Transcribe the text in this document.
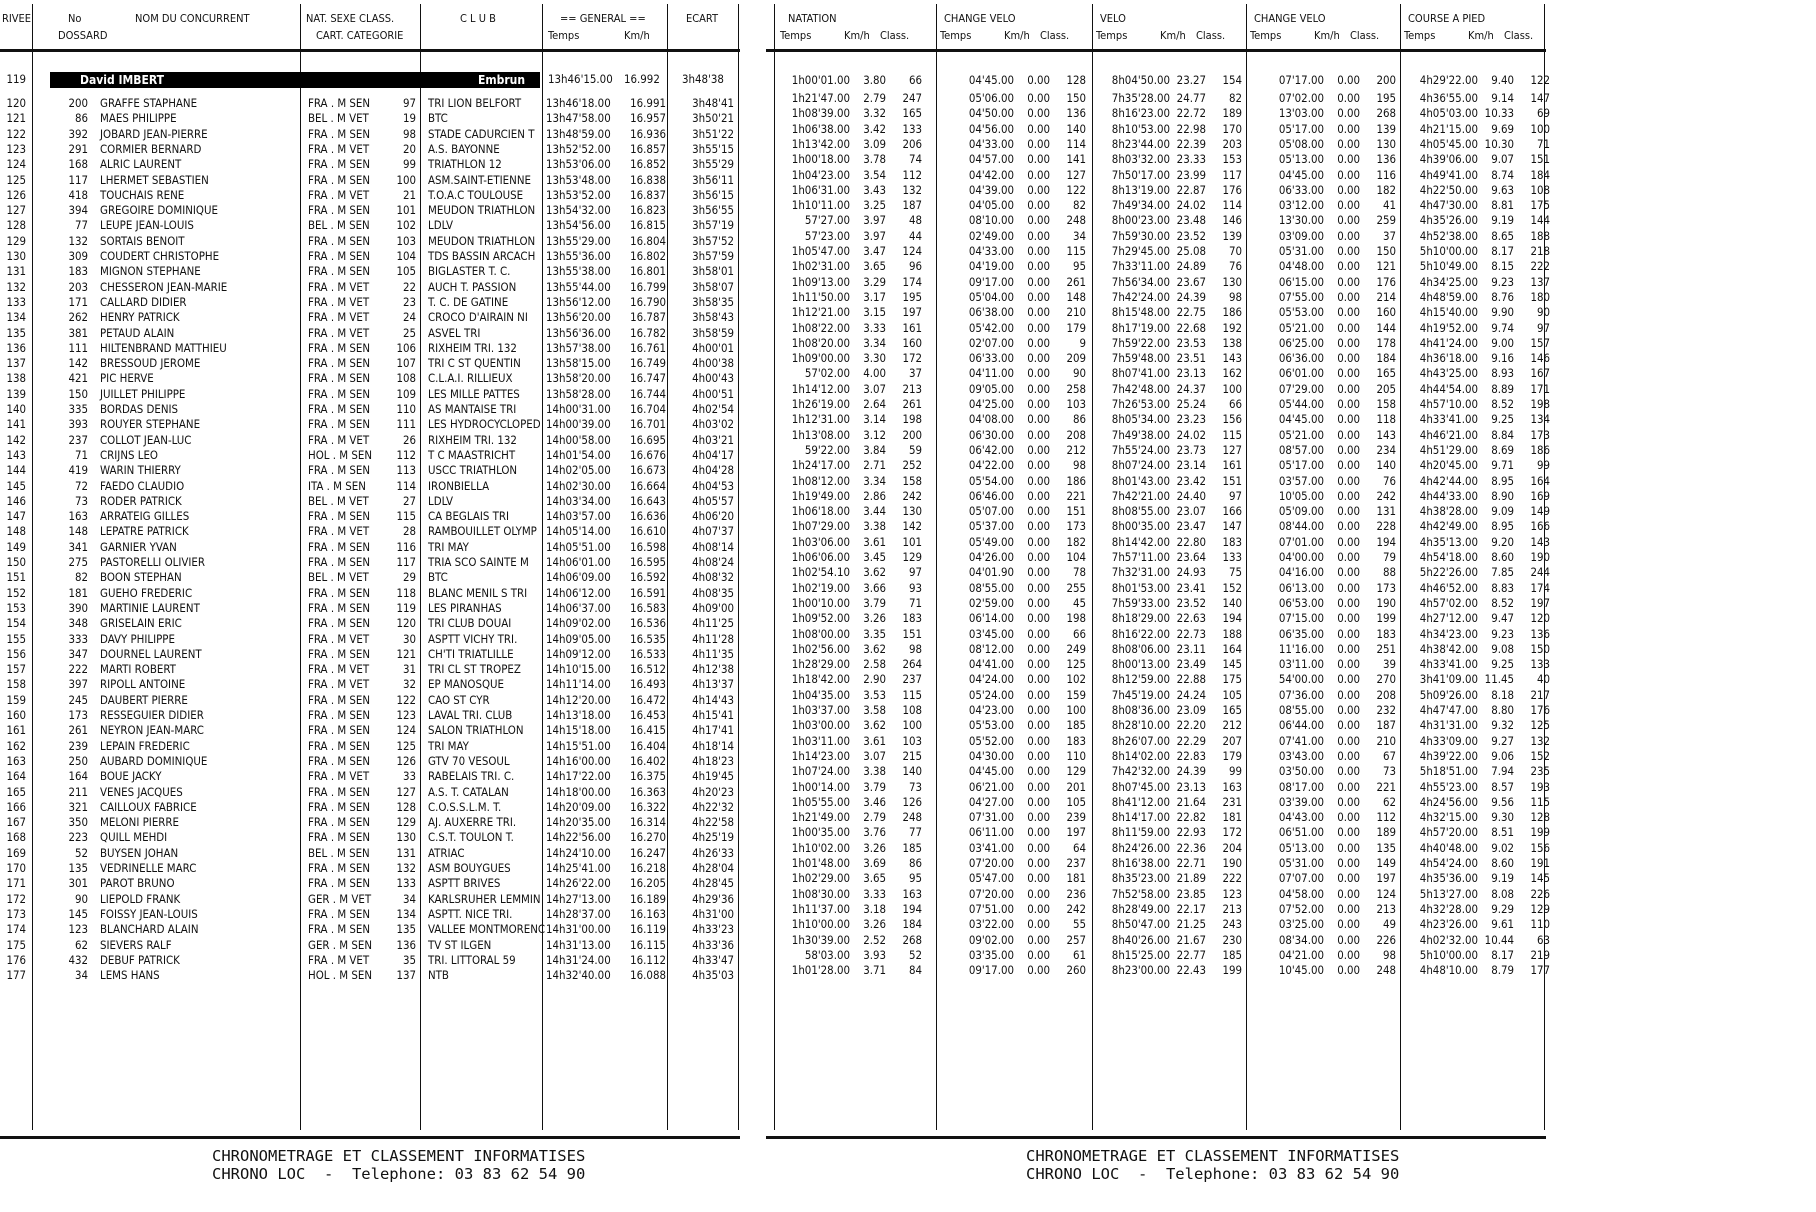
RIVEE	No
DOSSARD
NOM DU CONCURRENT	NAT. SEXE CLASS.
CART. CATEGORIE
C L U B	== GENERAL ==
Temps	Km/h
ECART
119	David IMBERT	Embrun 13h46'15.00 16.992 3h48'38
120	200 GRAFFE STAPHANE	FRA . M SEN	97 TRI LION BELFORT	13h46'18.00	16.991	3h48'41
121	86 MAES PHILIPPE	BEL . M VET	19 BTC	13h47'58.00	16.957	3h50'21
122	392 JOBARD JEAN-PIERRE	FRA . M SEN	98 STADE CADURCIEN T	13h48'59.00	16.936	3h51'22
123	291 CORMIER BERNARD	FRA . M VET	20 A.S. BAYONNE	13h52'52.00	16.857	3h55'15
124	168 ALRIC LAURENT	FRA . M SEN	99 TRIATHLON 12	13h53'06.00	16.852	3h55'29
125	117 LHERMET SEBASTIEN	FRA . M SEN	100 ASM.SAINT-ETIENNE	13h53'48.00	16.838	3h56'11
126	418 TOUCHAIS RENE	FRA . M VET	21 T.O.A.C TOULOUSE	13h53'52.00	16.837	3h56'15
127	394 GREGOIRE DOMINIQUE	FRA . M SEN	101 MEUDON TRIATHLON 13h54'32.00	16.823	3h56'55
128	77 LEUPE JEAN-LOUIS	BEL . M SEN	102 LDLV	13h54'56.00	16.815	3h57'19
129	132 SORTAIS BENOIT	FRA . M SEN	103 MEUDON TRIATHLON 13h55'29.00	16.804	3h57'52
130	309 COUDERT CHRISTOPHE	FRA . M SEN	104 TDS BASSIN ARCACH 13h55'36.00	16.802	3h57'59
131	183 MIGNON STEPHANE	FRA . M SEN	105 BIGLASTER T. C.	13h55'38.00	16.801	3h58'01
132	203 CHESSERON JEAN-MARIE	FRA . M VET	22 AUCH T. PASSION	13h55'44.00	16.799	3h58'07
133	171 CALLARD DIDIER	FRA . M VET	23 T. C. DE GATINE	13h56'12.00	16.790	3h58'35
134	262 HENRY PATRICK	FRA . M VET	24 CROCO D'AIRAIN NI	13h56'20.00	16.787	3h58'43
135	381 PETAUD ALAIN	FRA . M VET	25 ASVEL TRI	13h56'36.00	16.782	3h58'59
136	111 HILTENBRAND MATTHIEU	FRA . M SEN	106 RIXHEIM TRI. 132	13h57'38.00	16.761	4h00'01
137	142 BRESSOUD JEROME	FRA . M SEN	107 TRI C ST QUENTIN	13h58'15.00	16.749	4h00'38
138	421 PIC HERVE	FRA . M SEN	108 C.L.A.I. RILLIEUX	13h58'20.00	16.747	4h00'43
139	150 JUILLET PHILIPPE	FRA . M SEN	109 LES MILLE PATTES	13h58'28.00	16.744	4h00'51
140	335 BORDAS DENIS	FRA . M SEN	110 AS MANTAISE TRI	14h00'31.00	16.704	4h02'54
141	393 ROUYER STEPHANE	FRA . M SEN	111 LES HYDROCYCLOPED 14h00'39.00	16.701	4h03'02
142	237 COLLOT JEAN-LUC	FRA . M VET	26 RIXHEIM TRI. 132	14h00'58.00	16.695	4h03'21
143	71 CRIJNS LEO	HOL . M SEN	112 T C MAASTRICHT	14h01'54.00	16.676	4h04'17
144	419 WARIN THIERRY	FRA . M SEN	113 USCC TRIATHLON	14h02'05.00	16.673	4h04'28
145	72 FAEDO CLAUDIO	ITA . M SEN	114 IRONBIELLA	14h02'30.00	16.664	4h04'53
146	73 RODER PATRICK	BEL . M VET	27 LDLV	14h03'34.00	16.643	4h05'57
147	163 ARRATEIG GILLES	FRA . M SEN	115 CA BEGLAIS TRI	14h03'57.00	16.636	4h06'20
148	148 LEPATRE PATRICK	FRA . M VET	28 RAMBOUILLET OLYMP 14h05'14.00	16.610	4h07'37
149	341 GARNIER YVAN	FRA . M SEN	116 TRI MAY	14h05'51.00	16.598	4h08'14
150	275 PASTORELLI OLIVIER	FRA . M SEN	117 TRIA SCO SAINTE M	14h06'01.00	16.595	4h08'24
151	82 BOON STEPHAN	BEL . M VET	29 BTC	14h06'09.00	16.592	4h08'32
152	181 GUEHO FREDERIC	FRA . M SEN	118 BLANC MENIL S TRI	14h06'12.00	16.591	4h08'35
153	390 MARTINIE LAURENT	FRA . M SEN	119 LES PIRANHAS	14h06'37.00	16.583	4h09'00
154	348 GRISELAIN ERIC	FRA . M SEN	120 TRI CLUB DOUAI	14h09'02.00	16.536	4h11'25
155	333 DAVY PHILIPPE	FRA . M VET	30 ASPTT VICHY TRI.	14h09'05.00	16.535	4h11'28
156	347 DOURNEL LAURENT	FRA . M SEN	121 CH'TI TRIATLILLE	14h09'12.00	16.533	4h11'35
157	222 MARTI ROBERT	FRA . M VET	31 TRI CL ST TROPEZ	14h10'15.00	16.512	4h12'38
158	397 RIPOLL ANTOINE	FRA . M VET	32 EP MANOSQUE	14h11'14.00	16.493	4h13'37
159	245 DAUBERT PIERRE	FRA . M SEN	122 CAO ST CYR	14h12'20.00	16.472	4h14'43
160	173 RESSEGUIER DIDIER	FRA . M SEN	123 LAVAL TRI. CLUB	14h13'18.00	16.453	4h15'41
161	261 NEYRON JEAN-MARC	FRA . M SEN	124 SALON TRIATHLON	14h15'18.00	16.415	4h17'41
162	239 LEPAIN FREDERIC	FRA . M SEN	125 TRI MAY	14h15'51.00	16.404	4h18'14
163	250 AUBARD DOMINIQUE	FRA . M SEN	126 GTV 70 VESOUL	14h16'00.00	16.402	4h18'23
164	164 BOUE JACKY	FRA . M VET	33 RABELAIS TRI. C.	14h17'22.00	16.375	4h19'45
165	211 VENES JACQUES	FRA . M SEN	127 A.S. T. CATALAN	14h18'00.00	16.363	4h20'23
166	321 CAILLOUX FABRICE	FRA . M SEN	128 C.O.S.S.L.M. T.	14h20'09.00	16.322	4h22'32
167	350 MELONI PIERRE	FRA . M SEN	129 AJ. AUXERRE TRI.	14h20'35.00	16.314	4h22'58
168	223 QUILL MEHDI	FRA . M SEN	130 C.S.T. TOULON T.	14h22'56.00	16.270	4h25'19
169	52 BUYSEN JOHAN	BEL . M SEN	131 ATRIAC	14h24'10.00	16.247	4h26'33
170	135 VEDRINELLE MARC	FRA . M SEN	132 ASM BOUYGUES	14h25'41.00	16.218	4h28'04
171	301 PAROT BRUNO	FRA . M SEN	133 ASPTT BRIVES	14h26'22.00	16.205	4h28'45
172	90 LIEPOLD FRANK	GER . M VET	34 KARLSRUHER LEMMIN 14h27'13.00	16.189	4h29'36
173	145 FOISSY JEAN-LOUIS	FRA . M SEN	134 ASPTT. NICE TRI.	14h28'37.00	16.163	4h31'00
174	123 BLANCHARD ALAIN	FRA . M SEN	135 VALLEE MONTMORENC 14h31'00.00	16.119	4h33'23
175	62 SIEVERS RALF	GER . M SEN	136 TV ST ILGEN	14h31'13.00	16.115	4h33'36
176	432 DEBUF PATRICK	FRA . M VET	35 TRI. LITTORAL 59	14h31'24.00	16.112	4h33'47
177	34 LEMS HANS	HOL . M SEN	137 NTB	14h32'40.00	16.088	4h35'03
CHRONOMETRAGE ET CLASSEMENT INFORMATISES
CHRONO LOC  -  Telephone: 03 83 62 54 90
NATATION	CHANGE VELO	VELO	CHANGE VELO	COURSE A PIED
Temps	Km/h Class.	Temps	Km/h Class. Temps	Km/h Class. Temps	Km/h Class. Temps	Km/h Class.
1h00'01.00	3.80	66	04'45.00	0.00	128	8h04'50.00 23.27	154	07'17.00	0.00	200	4h29'22.00	9.40	122
1h21'47.00	2.79	247	05'06.00	0.00	150	7h35'28.00 24.77	82	07'02.00	0.00	195	4h36'55.00	9.14	147
1h08'39.00	3.32	165	04'50.00	0.00	136	8h16'23.00 22.72	189	13'03.00	0.00	268	4h05'03.00 10.33	69
1h06'38.00	3.42	133	04'56.00	0.00	140	8h10'53.00 22.98	170	05'17.00	0.00	139	4h21'15.00	9.69	100
1h13'42.00	3.09	206	04'33.00	0.00	114	8h23'44.00 22.39	203	05'08.00	0.00	130	4h05'45.00 10.30	71
1h00'18.00	3.78	74	04'57.00	0.00	141	8h03'32.00 23.33	153	05'13.00	0.00	136	4h39'06.00	9.07	151
1h04'23.00	3.54	112	04'42.00	0.00	127	7h50'17.00 23.99	117	04'45.00	0.00	116	4h49'41.00	8.74	184
1h06'31.00	3.43	132	04'39.00	0.00	122	8h13'19.00 22.87	176	06'33.00	0.00	182	4h22'50.00	9.63	108
1h10'11.00	3.25	187	04'05.00	0.00	82	7h49'34.00 24.02	114	03'12.00	0.00	41	4h47'30.00	8.81	175
57'27.00	3.97	48	08'10.00	0.00	248	8h00'23.00 23.48	146	13'30.00	0.00	259	4h35'26.00	9.19	144
57'23.00	3.97	44	02'49.00	0.00	34	7h59'30.00 23.52	139	03'09.00	0.00	37	4h52'38.00	8.65	188
1h05'47.00	3.47	124	04'33.00	0.00	115	7h29'45.00 25.08	70	05'31.00	0.00	150	5h10'00.00	8.17	218
1h02'31.00	3.65	96	04'19.00	0.00	95	7h33'11.00 24.89	76	04'48.00	0.00	121	5h10'49.00	8.15	222
1h09'13.00	3.29	174	09'17.00	0.00	261	7h56'34.00 23.67	130	06'15.00	0.00	176	4h34'25.00	9.23	137
1h11'50.00	3.17	195	05'04.00	0.00	148	7h42'24.00 24.39	98	07'55.00	0.00	214	4h48'59.00	8.76	180
1h12'21.00	3.15	197	06'38.00	0.00	210	8h15'48.00 22.75	186	05'53.00	0.00	160	4h15'40.00	9.90	90
1h08'22.00	3.33	161	05'42.00	0.00	179	8h17'19.00 22.68	192	05'21.00	0.00	144	4h19'52.00	9.74	97
1h08'20.00	3.34	160	02'07.00	0.00	9	7h59'22.00 23.53	138	06'25.00	0.00	178	4h41'24.00	9.00	157
1h09'00.00	3.30	172	06'33.00	0.00	209	7h59'48.00 23.51	143	06'36.00	0.00	184	4h36'18.00	9.16	146
57'02.00	4.00	37	04'11.00	0.00	90	8h07'41.00 23.13	162	06'01.00	0.00	165	4h43'25.00	8.93	167
1h14'12.00	3.07	213	09'05.00	0.00	258	7h42'48.00 24.37	100	07'29.00	0.00	205	4h44'54.00	8.89	171
1h26'19.00	2.64	261	04'25.00	0.00	103	7h26'53.00 25.24	66	05'44.00	0.00	158	4h57'10.00	8.52	198
1h12'31.00	3.14	198	04'08.00	0.00	86	8h05'34.00 23.23	156	04'45.00	0.00	118	4h33'41.00	9.25	134
1h13'08.00	3.12	200	06'30.00	0.00	208	7h49'38.00 24.02	115	05'21.00	0.00	143	4h46'21.00	8.84	173
59'22.00	3.84	59	06'42.00	0.00	212	7h55'24.00 23.73	127	08'57.00	0.00	234	4h51'29.00	8.69	186
1h24'17.00	2.71	252	04'22.00	0.00	98	8h07'24.00 23.14	161	05'17.00	0.00	140	4h20'45.00	9.71	99
1h08'12.00	3.34	158	05'54.00	0.00	186	8h01'43.00 23.42	151	03'57.00	0.00	76	4h42'44.00	8.95	164
1h19'49.00	2.86	242	06'46.00	0.00	221	7h42'21.00 24.40	97	10'05.00	0.00	242	4h44'33.00	8.90	169
1h06'18.00	3.44	130	05'07.00	0.00	151	8h08'55.00 23.07	166	05'09.00	0.00	131	4h38'28.00	9.09	149
1h07'29.00	3.38	142	05'37.00	0.00	173	8h00'35.00 23.47	147	08'44.00	0.00	228	4h42'49.00	8.95	166
1h03'06.00	3.61	101	05'49.00	0.00	182	8h14'42.00 22.80	183	07'01.00	0.00	194	4h35'13.00	9.20	143
1h06'06.00	3.45	129	04'26.00	0.00	104	7h57'11.00 23.64	133	04'00.00	0.00	79	4h54'18.00	8.60	190
1h02'54.10	3.62	97	04'01.90	0.00	78	7h32'31.00 24.93	75	04'16.00	0.00	88	5h22'26.00	7.85	244
1h02'19.00	3.66	93	08'55.00	0.00	255	8h01'53.00 23.41	152	06'13.00	0.00	173	4h46'52.00	8.83	174
1h00'10.00	3.79	71	02'59.00	0.00	45	7h59'33.00 23.52	140	06'53.00	0.00	190	4h57'02.00	8.52	197
1h09'52.00	3.26	183	06'14.00	0.00	198	8h18'29.00 22.63	194	07'15.00	0.00	199	4h27'12.00	9.47	120
1h08'00.00	3.35	151	03'45.00	0.00	66	8h16'22.00 22.73	188	06'35.00	0.00	183	4h34'23.00	9.23	136
1h02'56.00	3.62	98	08'12.00	0.00	249	8h08'06.00 23.11	164	11'16.00	0.00	251	4h38'42.00	9.08	150
1h28'29.00	2.58	264	04'41.00	0.00	125	8h00'13.00 23.49	145	03'11.00	0.00	39	4h33'41.00	9.25	133
1h18'42.00	2.90	237	04'24.00	0.00	102	8h12'59.00 22.88	175	54'00.00	0.00	270	3h41'09.00 11.45	40
1h04'35.00	3.53	115	05'24.00	0.00	159	7h45'19.00 24.24	105	07'36.00	0.00	208	5h09'26.00	8.18	217
1h03'37.00	3.58	108	04'23.00	0.00	100	8h08'36.00 23.09	165	08'55.00	0.00	232	4h47'47.00	8.80	176
1h03'00.00	3.62	100	05'53.00	0.00	185	8h28'10.00 22.20	212	06'44.00	0.00	187	4h31'31.00	9.32	125
1h03'11.00	3.61	103	05'52.00	0.00	183	8h26'07.00 22.29	207	07'41.00	0.00	210	4h33'09.00	9.27	132
1h14'23.00	3.07	215	04'30.00	0.00	110	8h14'02.00 22.83	179	03'43.00	0.00	67	4h39'22.00	9.06	152
1h07'24.00	3.38	140	04'45.00	0.00	129	7h42'32.00 24.39	99	03'50.00	0.00	73	5h18'51.00	7.94	235
1h00'14.00	3.79	73	06'21.00	0.00	201	8h07'45.00 23.13	163	08'17.00	0.00	221	4h55'23.00	8.57	193
1h05'55.00	3.46	126	04'27.00	0.00	105	8h41'12.00 21.64	231	03'39.00	0.00	62	4h24'56.00	9.56	115
1h21'49.00	2.79	248	07'31.00	0.00	239	8h14'17.00 22.82	181	04'43.00	0.00	112	4h32'15.00	9.30	128
1h00'35.00	3.76	77	06'11.00	0.00	197	8h11'59.00 22.93	172	06'51.00	0.00	189	4h57'20.00	8.51	199
1h10'02.00	3.26	185	03'41.00	0.00	64	8h24'26.00 22.36	204	05'13.00	0.00	135	4h40'48.00	9.02	156
1h01'48.00	3.69	86	07'20.00	0.00	237	8h16'38.00 22.71	190	05'31.00	0.00	149	4h54'24.00	8.60	191
1h02'29.00	3.65	95	05'47.00	0.00	181	8h35'23.00 21.89	222	07'07.00	0.00	197	4h35'36.00	9.19	145
1h08'30.00	3.33	163	07'20.00	0.00	236	7h52'58.00 23.85	123	04'58.00	0.00	124	5h13'27.00	8.08	226
1h11'37.00	3.18	194	07'51.00	0.00	242	8h28'49.00 22.17	213	07'52.00	0.00	213	4h32'28.00	9.29	129
1h10'00.00	3.26	184	03'22.00	0.00	55	8h50'47.00 21.25	243	03'25.00	0.00	49	4h23'26.00	9.61	110
1h30'39.00	2.52	268	09'02.00	0.00	257	8h40'26.00 21.67	230	08'34.00	0.00	226	4h02'32.00 10.44	63
58'03.00	3.93	52	03'35.00	0.00	61	8h15'25.00 22.77	185	04'21.00	0.00	98	5h10'00.00	8.17	219
1h01'28.00	3.71	84	09'17.00	0.00	260	8h23'00.00 22.43	199	10'45.00	0.00	248	4h48'10.00	8.79	177
CHRONOMETRAGE ET CLASSEMENT INFORMATISES
CHRONO LOC  -  Telephone: 03 83 62 54 90
